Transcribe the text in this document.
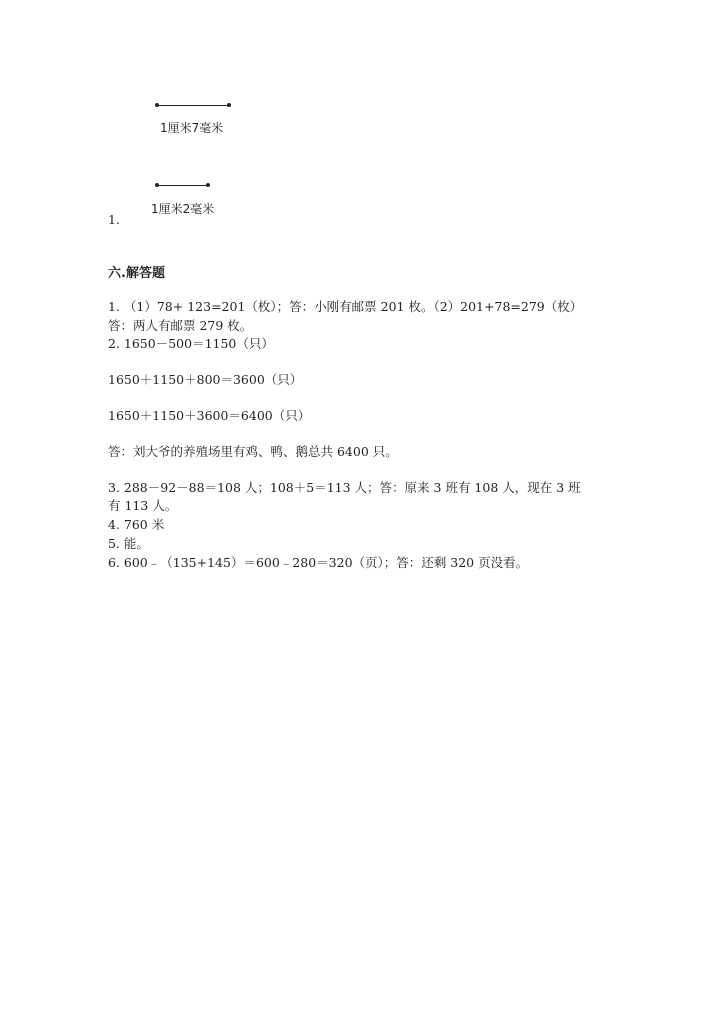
1厘米7毫米
1厘米2毫米
1.
六.解答题
1. （1）78+ 123=201（枚）；答：小刚有邮票 201 枚。（2）201+78=279（枚）
答：两人有邮票 279 枚。
2. 1650－500＝1150（只）
1650＋1150＋800＝3600（只）
1650＋1150＋3600＝6400（只）
答：刘大爷的养殖场里有鸡、鸭、鹅总共 6400 只。
3. 288－92－88＝108 人；108＋5＝113 人；答：原来 3 班有 108 人，现在 3 班
有 113 人。
4. 760 米
5. 能。
6. 600﹣（135+145）＝600﹣280＝320（页）；答：还剩 320 页没看。
